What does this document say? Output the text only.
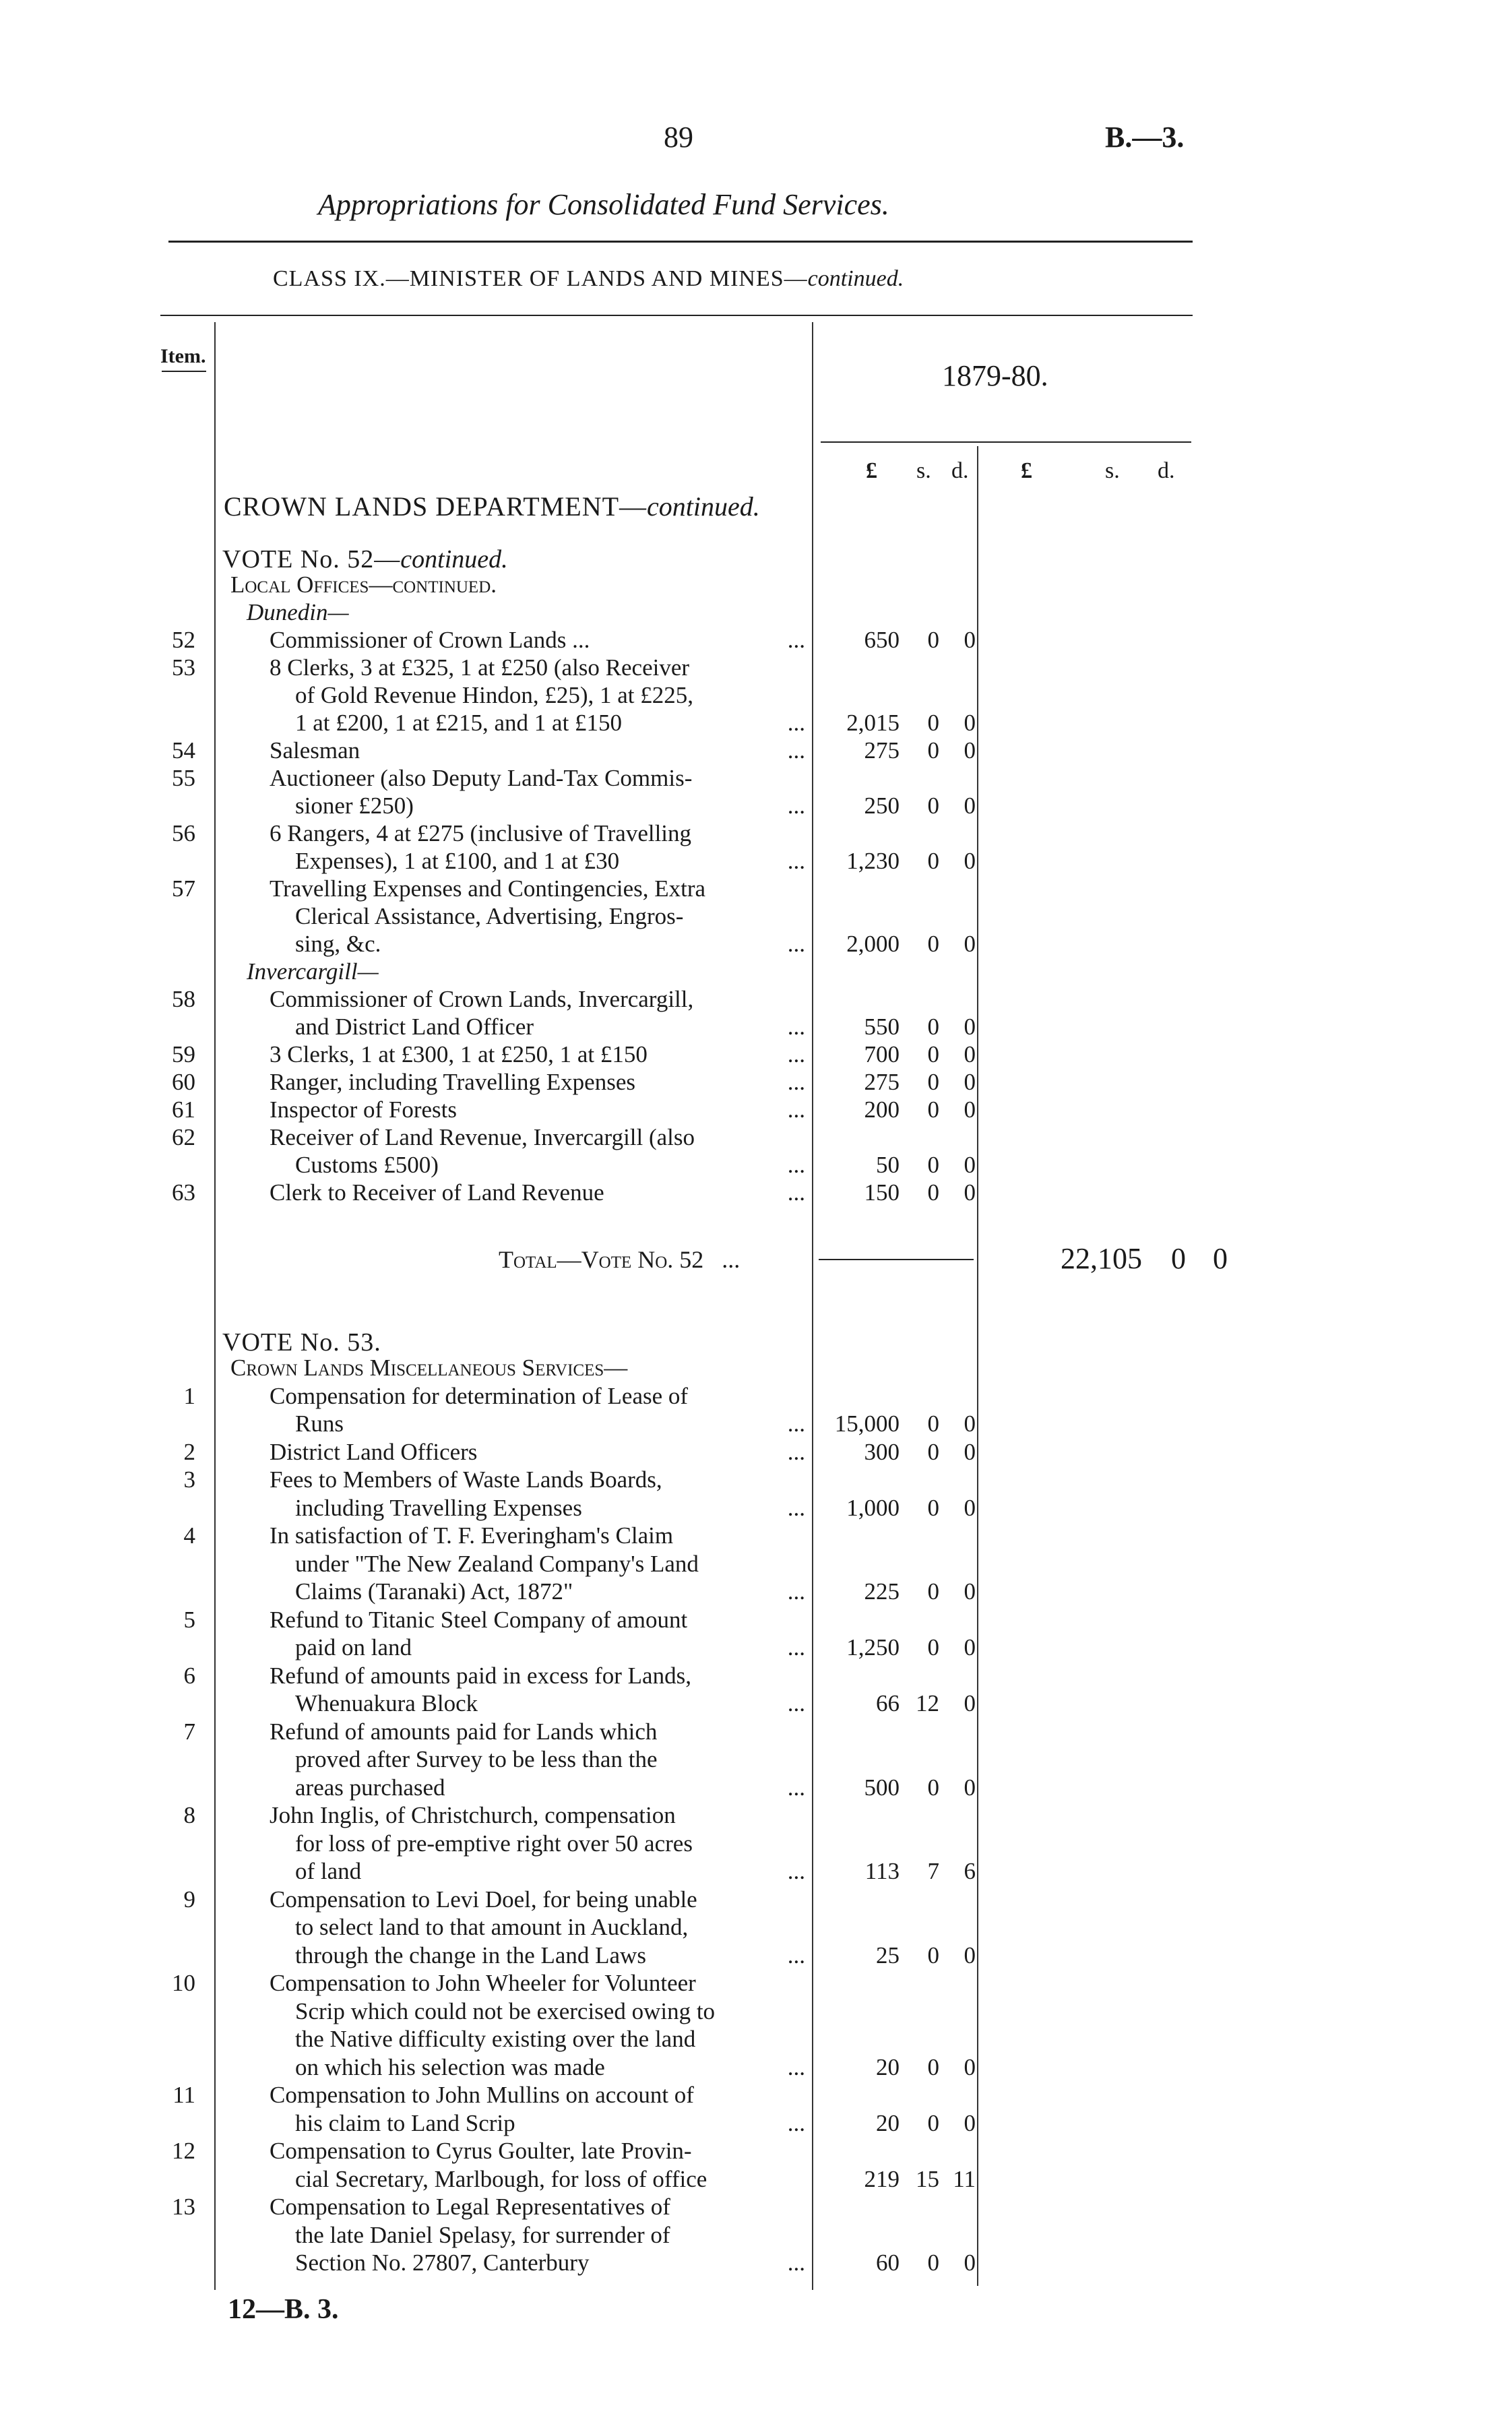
89	B.—3.
Appropriations for Consolidated Fund Services.
CLASS IX.—MINISTER OF LANDS AND MINES—continued.
Item.
1879-80.
£ s. d. £	s. d.
CROWN LANDS DEPARTMENT—continued.
VOTE No. 52—continued.
Local Offices—continued.
Dunedin—
52	Commissioner of Crown Lands ...	...	650	0	0
53	8 Clerks, 3 at £325, 1 at £250 (also Receiver
of Gold Revenue Hindon, £25), 1 at £225,
1 at £200, 1 at £215, and 1 at £150	...	2,015	0	0
54	Salesman	...	275	0	0
55	Auctioneer (also Deputy Land-Tax Commis-
sioner £250)	...	250	0	0
56	6 Rangers, 4 at £275 (inclusive of Travelling
Expenses), 1 at £100, and 1 at £30	...	1,230	0	0
57	Travelling Expenses and Contingencies, Extra
Clerical Assistance, Advertising, Engros-
sing, &c.	...	2,000	0	0
Invercargill—
58	Commissioner of Crown Lands, Invercargill,
and District Land Officer	...	550	0	0
59	3 Clerks, 1 at £300, 1 at £250, 1 at £150	...	700	0	0
60	Ranger, including Travelling Expenses	...	275	0	0
61	Inspector of Forests	...	200	0	0
62	Receiver of Land Revenue, Invercargill (also
Customs £500)	...	50	0	0
63	Clerk to Receiver of Land Revenue	...	150	0	0
Total—Vote No. 52 ...	22,105 0 0
VOTE No. 53.
Crown Lands Miscellaneous Services—
1	Compensation for determination of Lease of
Runs	...	15,000	0	0
2	District Land Officers	...	300	0	0
3	Fees to Members of Waste Lands Boards,
including Travelling Expenses	...	1,000	0	0
4	In satisfaction of T. F. Everingham's Claim
under "The New Zealand Company's Land
Claims (Taranaki) Act, 1872"	...	225	0	0
5	Refund to Titanic Steel Company of amount
paid on land	...	1,250	0	0
6	Refund of amounts paid in excess for Lands,
Whenuakura Block	...	66 12	0
7	Refund of amounts paid for Lands which
proved after Survey to be less than the
areas purchased	...	500	0	0
8	John Inglis, of Christchurch, compensation
for loss of pre-emptive right over 50 acres
of land	...	113	7	6
9	Compensation to Levi Doel, for being unable
to select land to that amount in Auckland,
through the change in the Land Laws	...	25	0	0
10	Compensation to John Wheeler for Volunteer
Scrip which could not be exercised owing to
the Native difficulty existing over the land
on which his selection was made	...	20	0	0
11	Compensation to John Mullins on account of
his claim to Land Scrip	...	20	0	0
12	Compensation to Cyrus Goulter, late Provin-
cial Secretary, Marlbough, for loss of office	219 15 11
13	Compensation to Legal Representatives of
the late Daniel Spelasy, for surrender of
Section No. 27807, Canterbury	...	60	0	0
12—B. 3.
